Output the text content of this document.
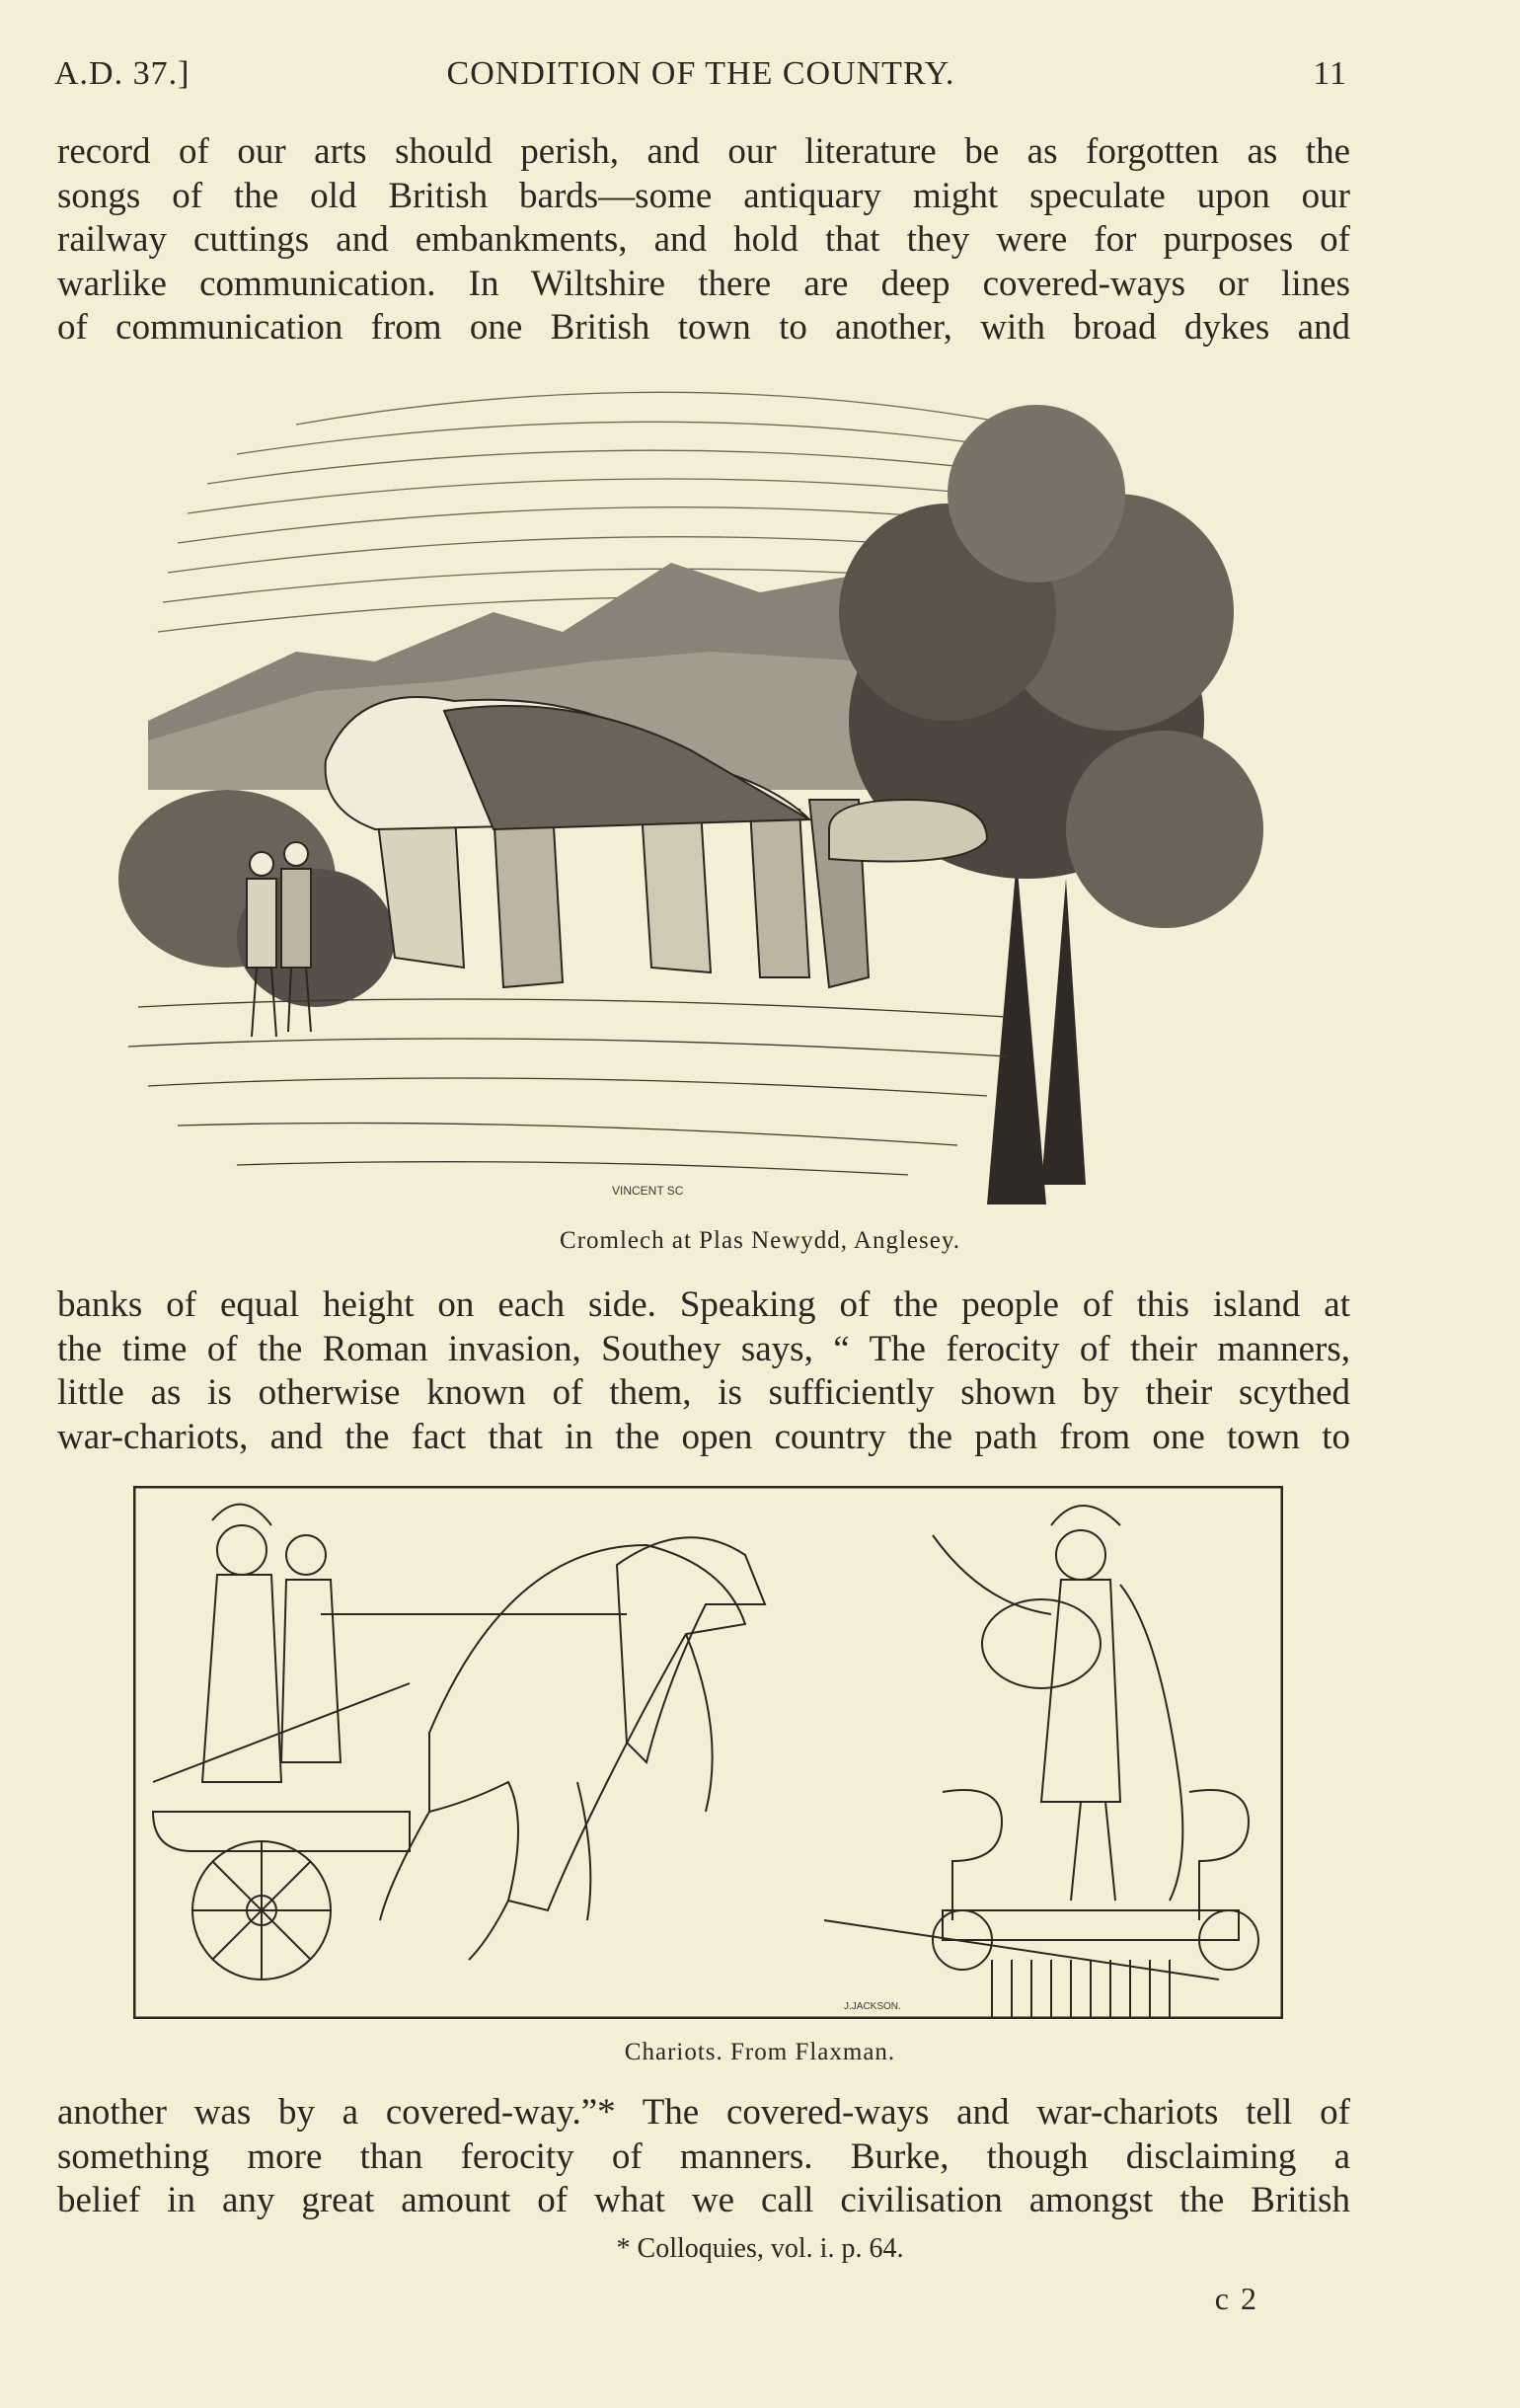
A.D. 37.]	CONDITION OF THE COUNTRY.	11
record of our arts should perish, and our literature be as forgotten as the
songs of the old British bards—some antiquary might speculate upon our
railway cuttings and embankments, and hold that they were for purposes of
warlike communication. In Wiltshire there are deep covered-ways or lines
of communication from one British town to another, with broad dykes and
VINCENT SC
Cromlech at Plas Newydd, Anglesey.
banks of equal height on each side. Speaking of the people of this island at
the time of the Roman invasion, Southey says, “ The ferocity of their manners,
little as is otherwise known of them, is sufficiently shown by their scythed
war-chariots, and the fact that in the open country the path from one town to
J.JACKSON.
Chariots. From Flaxman.
another was by a covered-way.”* The covered-ways and war-chariots tell of
something more than ferocity of manners. Burke, though disclaiming a
belief in any great amount of what we call civilisation amongst the British
* Colloquies, vol. i. p. 64.
c 2
